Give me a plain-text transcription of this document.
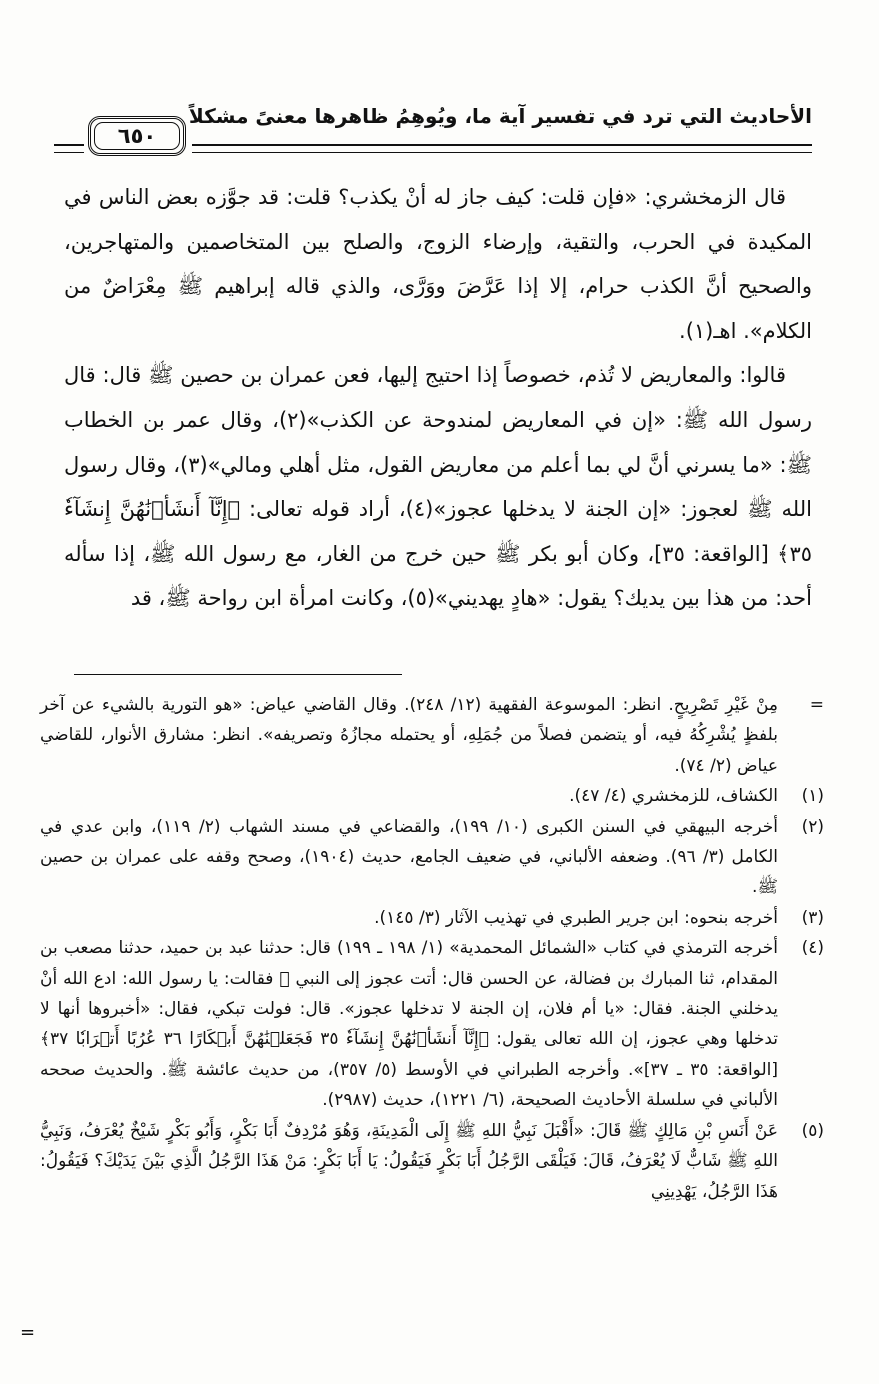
الأحاديث التي ترد في تفسير آية ما، ويُوهِمُ ظاهرها معنىً مشكلاً
٦٥٠

قال الزمخشري: «فإن قلت: كيف جاز له أنْ يكذب؟ قلت: قد جوَّزه بعض الناس في المكيدة في الحرب، والتقية، وإرضاء الزوج، والصلح بين المتخاصمين والمتهاجرين، والصحيح أنَّ الكذب حرام، إلا إذا عَرَّضَ ووَرَّى، والذي قاله إبراهيم ﷺ مِعْرَاضٌ من الكلام». اهـ(١).

قالوا: والمعاريض لا تُذم، خصوصاً إذا احتيج إليها، فعن عمران بن حصين ﷺ قال: قال رسول الله ﷺ: «إن في المعاريض لمندوحة عن الكذب»(٢)، وقال عمر بن الخطاب ﷺ: «ما يسرني أنَّ لي بما أعلم من معاريض القول، مثل أهلي ومالي»(٣)، وقال رسول الله ﷺ لعجوز: «إن الجنة لا يدخلها عجوز»(٤)، أراد قوله تعالى: ﴿إِنَّآ أَنشَأۡنَٰهُنَّ إِنشَآءٗ ٣٥﴾ [الواقعة: ٣٥]، وكان أبو بكر ﷺ حين خرج من الغار، مع رسول الله ﷺ، إذا سأله أحد: من هذا بين يديك؟ يقول: «هادٍ يهديني»(٥)، وكانت امرأة ابن رواحة ﷺ، قد

=
مِنْ غَيْرِ تَصْرِيحٍ. انظر: الموسوعة الفقهية (١٢/ ٢٤٨). وقال القاضي عياض: «هو التورية بالشيء عن آخر بلفظٍ يُشْرِكُهُ فيه، أو يتضمن فصلاً من جُمَلِهِ، أو يحتمله مجازُهُ وتصريفه». انظر: مشارق الأنوار، للقاضي عياض (٢/ ٧٤).
(١)
الكشاف، للزمخشري (٤/ ٤٧).
(٢)
أخرجه البيهقي في السنن الكبرى (١٠/ ١٩٩)، والقضاعي في مسند الشهاب (٢/ ١١٩)، وابن عدي في الكامل (٣/ ٩٦). وضعفه الألباني، في ضعيف الجامع، حديث (١٩٠٤)، وصحح وقفه على عمران بن حصين ﷺ.
(٣)
أخرجه بنحوه: ابن جرير الطبري في تهذيب الآثار (٣/ ١٤٥).
(٤)
أخرجه الترمذي في كتاب «الشمائل المحمدية» (١/ ١٩٨ ـ ١٩٩) قال: حدثنا عبد بن حميد، حدثنا مصعب بن المقدام، ثنا المبارك بن فضالة، عن الحسن قال: أتت عجوز إلى النبي ﷺ فقالت: يا رسول الله: ادع الله أنْ يدخلني الجنة. فقال: «يا أم فلان، إن الجنة لا تدخلها عجوز». قال: فولت تبكي، فقال: «أخبروها أنها لا تدخلها وهي عجوز، إن الله تعالى يقول: ﴿إِنَّآ أَنشَأۡنَٰهُنَّ إِنشَآءٗ ٣٥ فَجَعَلۡنَٰهُنَّ أَبۡكَارًا ٣٦ عُرُبًا أَتۡرَابٗا ٣٧﴾ [الواقعة: ٣٥ ـ ٣٧]». وأخرجه الطبراني في الأوسط (٥/ ٣٥٧)، من حديث عائشة ﷺ. والحديث صححه الألباني في سلسلة الأحاديث الصحيحة، (٦/ ١٢٢١)، حديث (٢٩٨٧).
(٥)
عَنْ أَنَسِ بْنِ مَالِكٍ ﷺ قَالَ: «أَقْبَلَ نَبِيُّ اللهِ ﷺ إِلَى الْمَدِينَةِ، وَهُوَ مُرْدِفٌ أَبَا بَكْرٍ، وَأَبُو بَكْرٍ شَيْخٌ يُعْرَفُ، وَنَبِيُّ اللهِ ﷺ شَابٌّ لَا يُعْرَفُ، قَالَ: فَيَلْقَى الرَّجُلُ أَبَا بَكْرٍ فَيَقُولُ: يَا أَبَا بَكْرٍ: مَنْ هَذَا الرَّجُلُ الَّذِي بَيْنَ يَدَيْكَ؟ فَيَقُولُ: هَذَا الرَّجُلُ، يَهْدِينِي
=
